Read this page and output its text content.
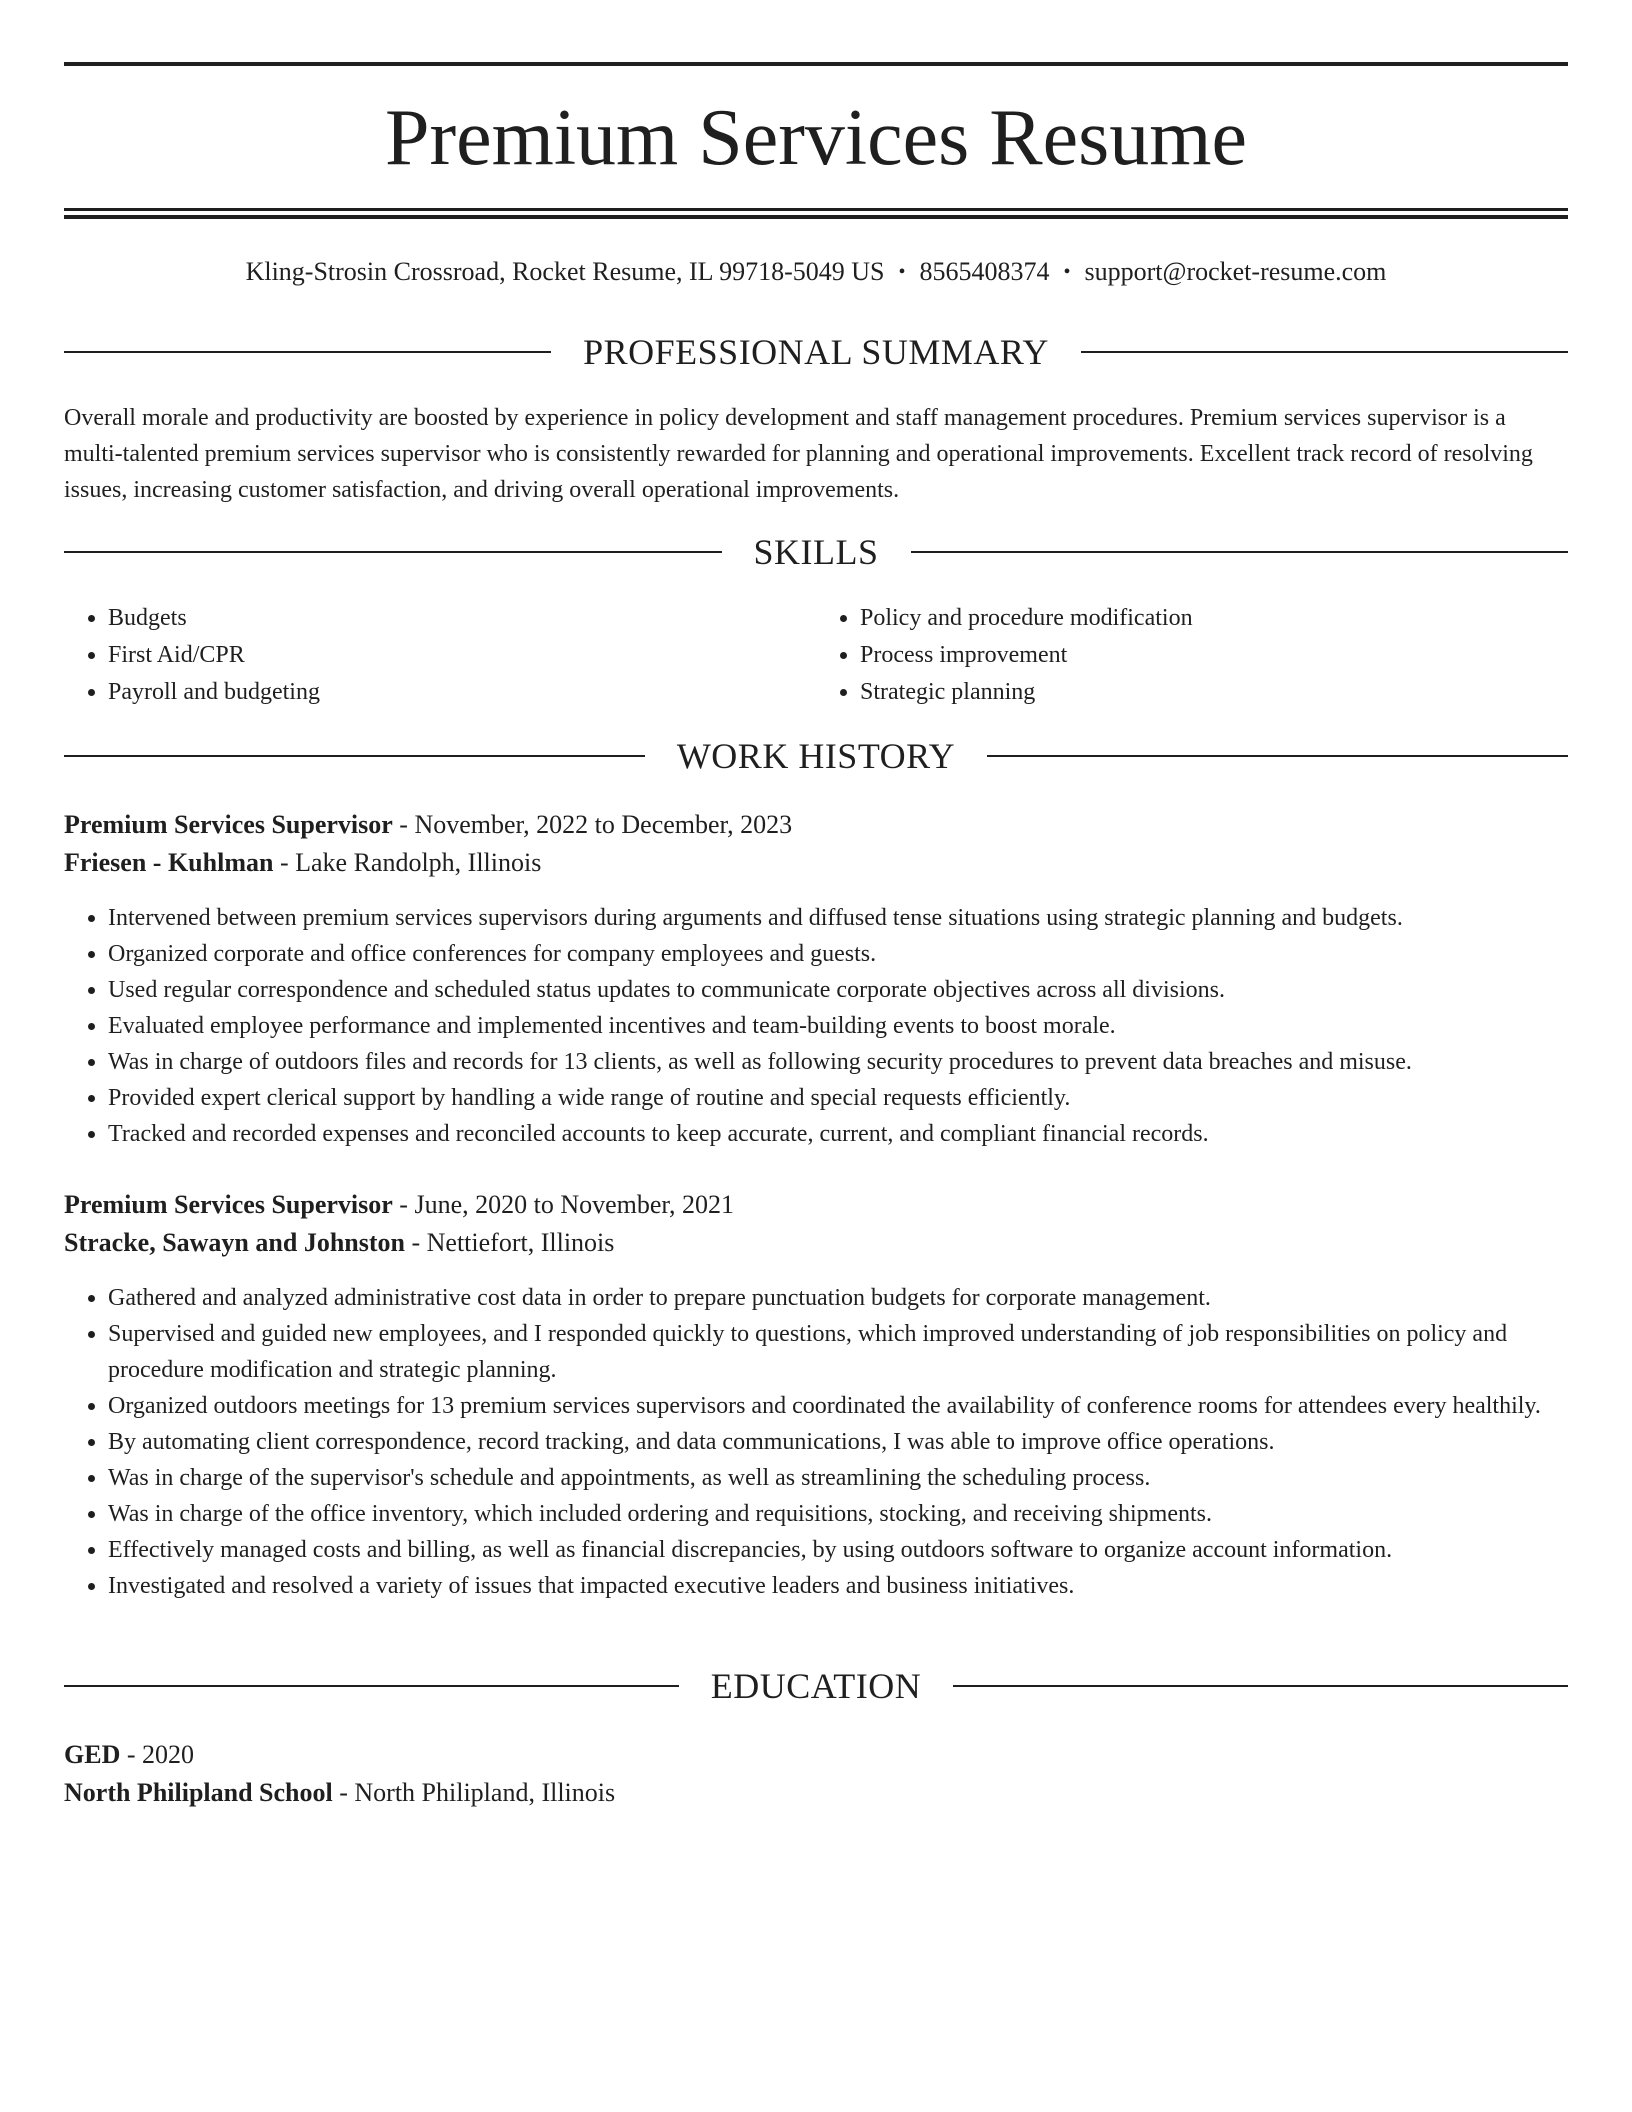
Premium Services Resume
Kling-Strosin Crossroad, Rocket Resume, IL 99718-5049 US • 8565408374 • support@rocket-resume.com
PROFESSIONAL SUMMARY

Overall morale and productivity are boosted by experience in policy development and staff management procedures. Premium services supervisor is a multi-talented premium services supervisor who is consistently rewarded for planning and operational improvements. Excellent track record of resolving issues, increasing customer satisfaction, and driving overall operational improvements.

SKILLS
• Budgets
• First Aid/CPR
• Payroll and budgeting
• Policy and procedure modification
• Process improvement
• Strategic planning
WORK HISTORY
Premium Services Supervisor - November, 2022 to December, 2023
Friesen - Kuhlman - Lake Randolph, Illinois
• Intervened between premium services supervisors during arguments and diffused tense situations using strategic planning and budgets.
• Organized corporate and office conferences for company employees and guests.
• Used regular correspondence and scheduled status updates to communicate corporate objectives across all divisions.
• Evaluated employee performance and implemented incentives and team-building events to boost morale.
• Was in charge of outdoors files and records for 13 clients, as well as following security procedures to prevent data breaches and misuse.
• Provided expert clerical support by handling a wide range of routine and special requests efficiently.
• Tracked and recorded expenses and reconciled accounts to keep accurate, current, and compliant financial records.
Premium Services Supervisor - June, 2020 to November, 2021
Stracke, Sawayn and Johnston - Nettiefort, Illinois
• Gathered and analyzed administrative cost data in order to prepare punctuation budgets for corporate management.
• Supervised and guided new employees, and I responded quickly to questions, which improved understanding of job responsibilities on policy and procedure modification and strategic planning.
• Organized outdoors meetings for 13 premium services supervisors and coordinated the availability of conference rooms for attendees every healthily.
• By automating client correspondence, record tracking, and data communications, I was able to improve office operations.
• Was in charge of the supervisor's schedule and appointments, as well as streamlining the scheduling process.
• Was in charge of the office inventory, which included ordering and requisitions, stocking, and receiving shipments.
• Effectively managed costs and billing, as well as financial discrepancies, by using outdoors software to organize account information.
• Investigated and resolved a variety of issues that impacted executive leaders and business initiatives.
EDUCATION
GED - 2020
North Philipland School - North Philipland, Illinois
